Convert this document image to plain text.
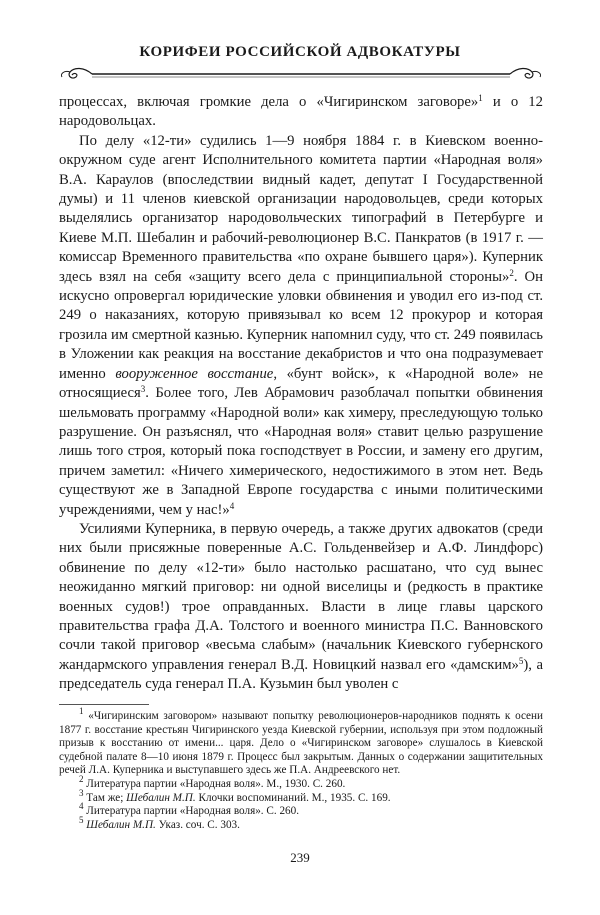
КОРИФЕИ РОССИЙСКОЙ АДВОКАТУРЫ

процессах, включая громкие дела о «Чигиринском заговоре»$^1$ и о 12 народовольцах.

По делу «12-ти» судились 1—9 ноября 1884 г. в Киевском военно-окружном суде агент Исполнительного комитета партии «Народная воля» В.А. Караулов (впоследствии видный кадет, депутат I Государственной думы) и 11 членов киевской организации народовольцев, среди которых выделялись организатор народовольческих типографий в Петербурге и Киеве М.П. Шебалин и рабочий-революционер В.С. Панкратов (в 1917 г. — комиссар Временного правительства «по охране бывшего царя»). Куперник здесь взял на себя «защиту всего дела с принципиальной стороны»$^2$. Он искусно опровергал юридические уловки обвинения и уводил его из-под ст. 249 о наказаниях, которую привязывал ко всем 12 прокурор и которая грозила им смертной казнью. Куперник напомнил суду, что ст. 249 появилась в Уложении как реакция на восстание декабристов и что она подразумевает именно вооруженное восстание, «бунт войск», к «Народной воле» не относящиеся$^3$. Более того, Лев Абрамович разоблачал попытки обвинения шельмовать программу «Народной воли» как химеру, преследующую только разрушение. Он разъяснял, что «Народная воля» ставит целью разрушение лишь того строя, который пока господствует в России, и замену его другим, причем заметил: «Ничего химерического, недостижимого в этом нет. Ведь существуют же в Западной Европе государства с иными политическими учреждениями, чем у нас!»$^4$

Усилиями Куперника, в первую очередь, а также других адвокатов (среди них были присяжные поверенные А.С. Гольденвейзер и А.Ф. Линдфорс) обвинение по делу «12-ти» было настолько расшатано, что суд вынес неожиданно мягкий приговор: ни одной виселицы и (редкость в практике военных судов!) трое оправданных. Власти в лице главы царского правительства графа Д.А. Толстого и военного министра П.С. Ванновского сочли такой приговор «весьма слабым» (начальник Киевского губернского жандармского управления генерал В.Д. Новицкий назвал его «дамским»$^5$), а председатель суда генерал П.А. Кузьмин был уволен с

$^1$ «Чигиринским заговором» называют попытку революционеров-народников поднять к осени 1877 г. восстание крестьян Чигиринского уезда Киевской губернии, используя при этом подложный призыв к восстанию от имени... царя. Дело о «Чигиринском заговоре» слушалось в Киевской судебной палате 8—10 июня 1879 г. Процесс был закрытым. Данных о содержании защитительных речей Л.А. Куперника и выступавшего здесь же П.А. Андреевского нет.

$^2$ Литература партии «Народная воля». М., 1930. С. 260.

$^3$ Там же; Шебалин М.П. Клочки воспоминаний. М., 1935. С. 169.

$^4$ Литература партии «Народная воля». С. 260.

$^5$ Шебалин М.П. Указ. соч. С. 303.

239
